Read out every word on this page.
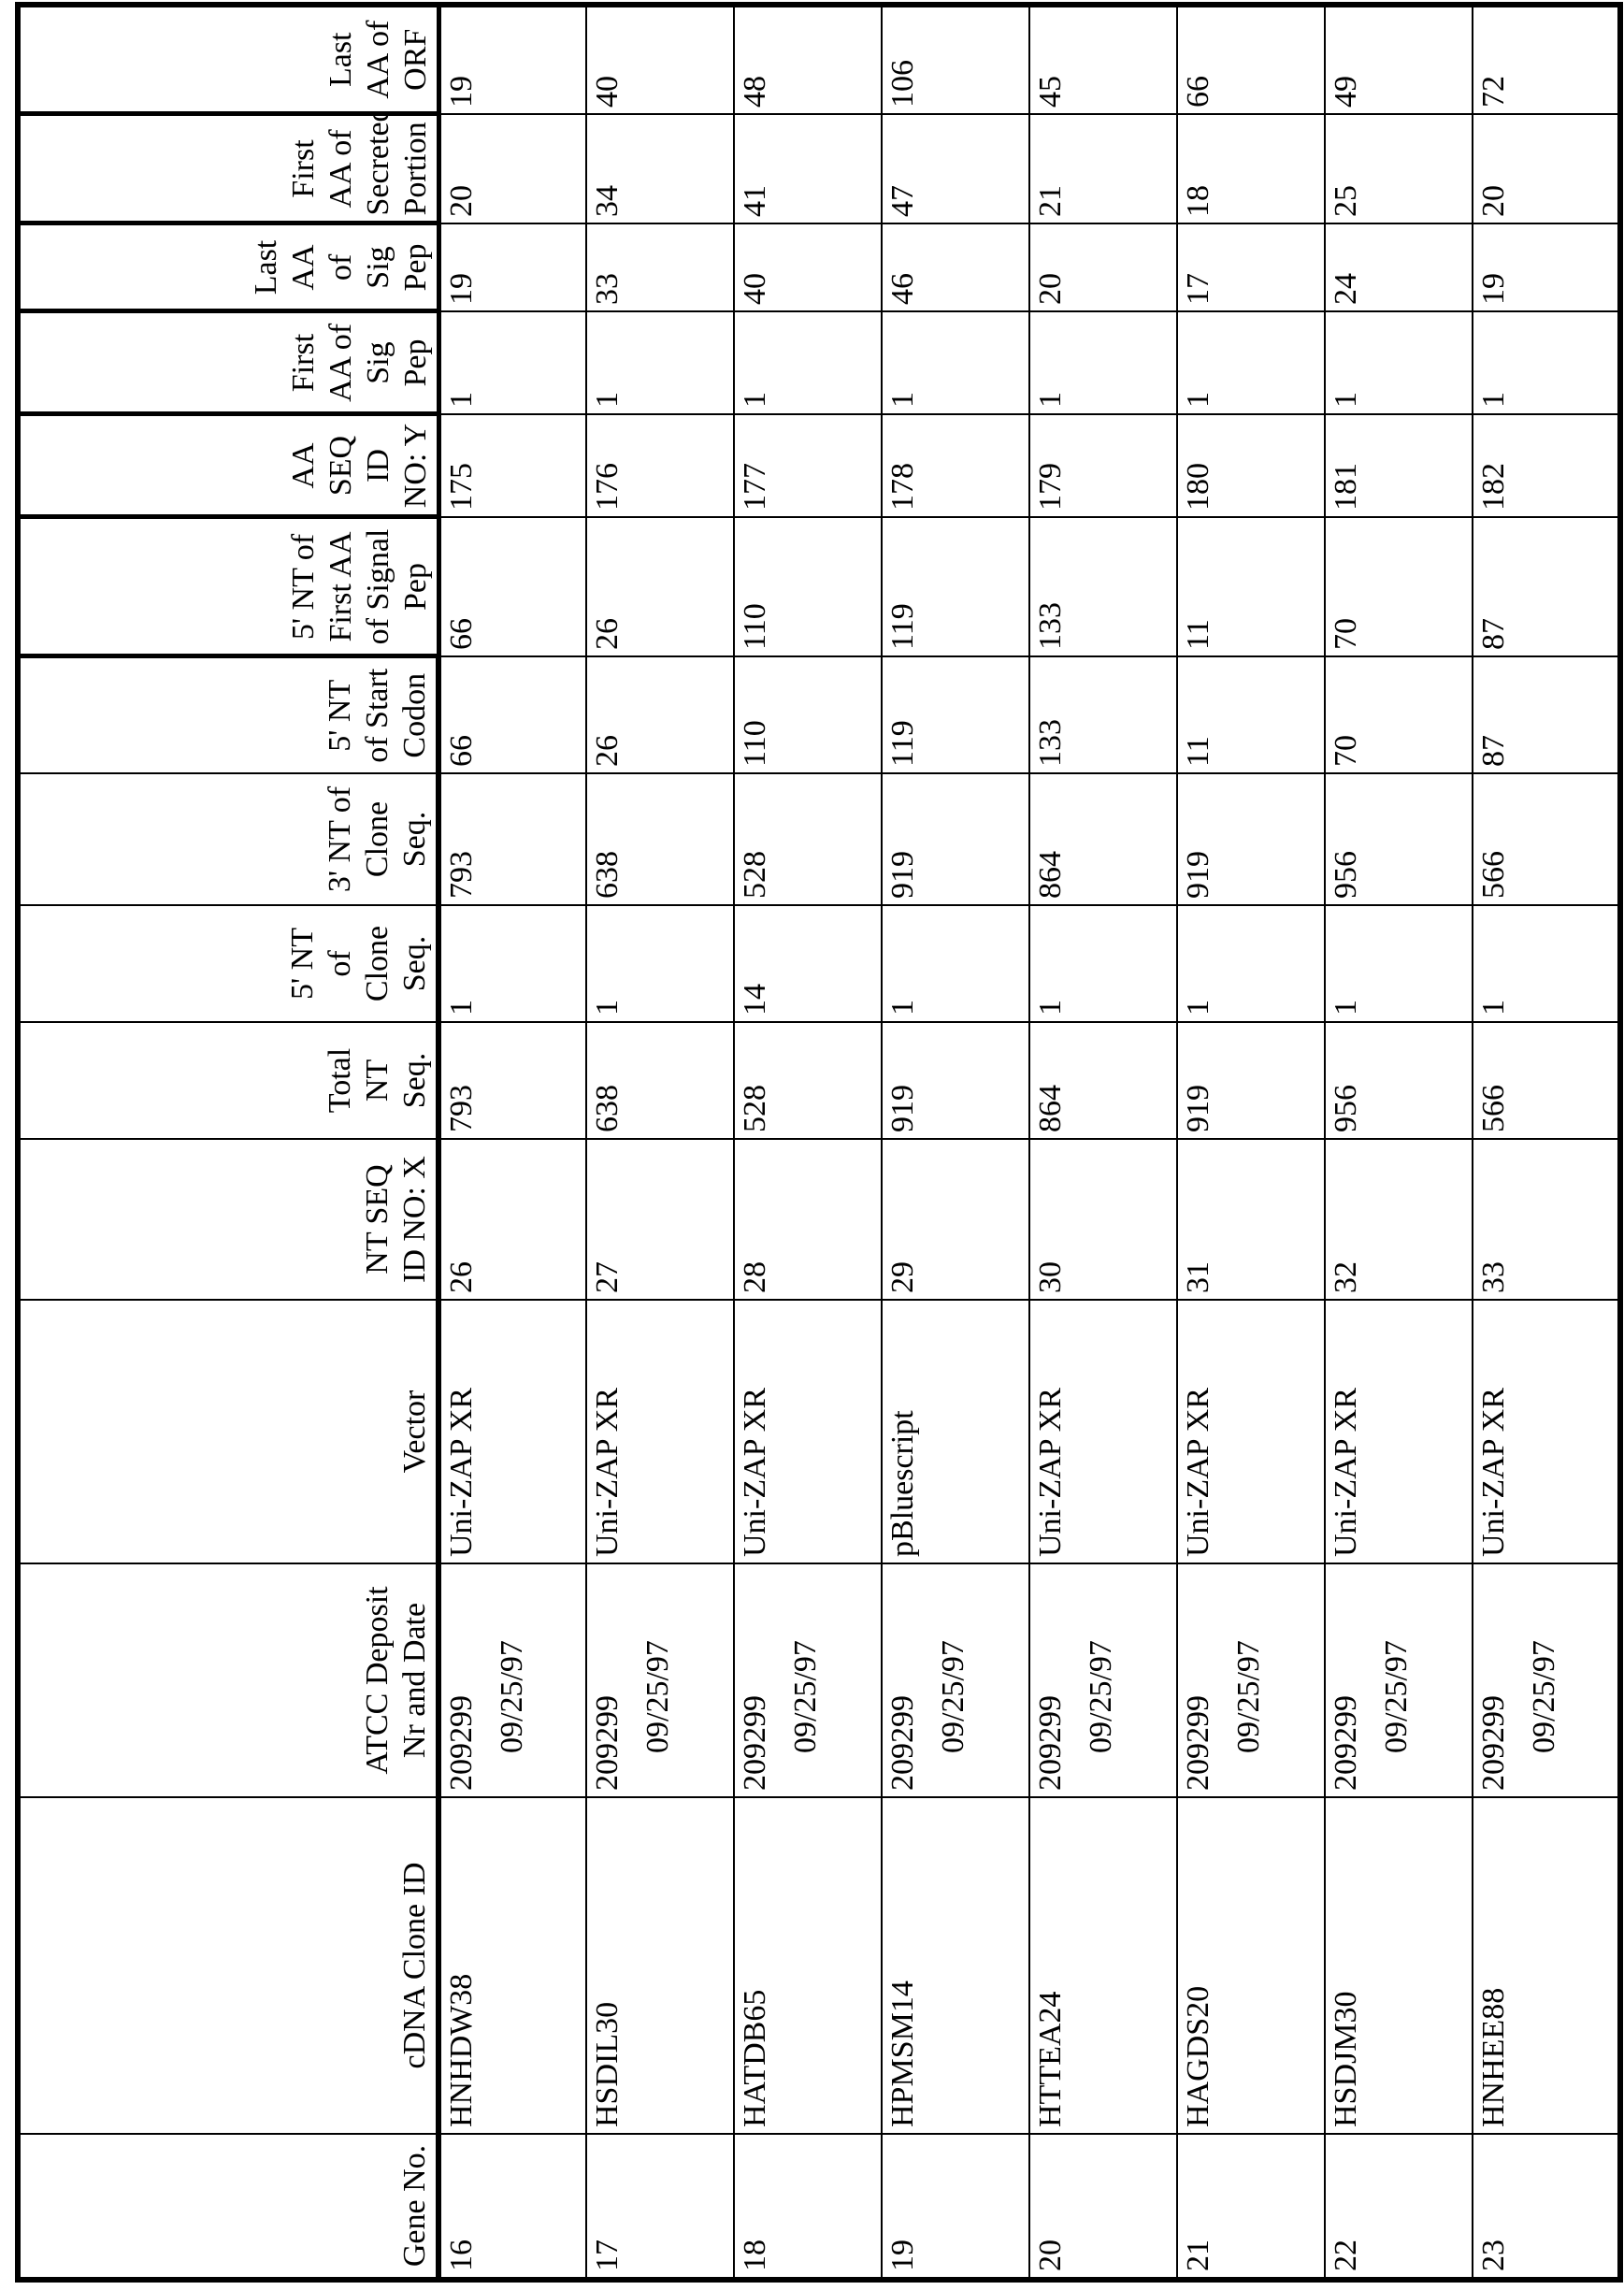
Gene No.	cDNA Clone ID	ATCC Deposit Nr and Date	Vector	NT SEQ ID NO: X	Total NT Seq.	5' NT of Clone Seq.	3' NT of Clone Seq.	5' NT of Start Codon	5' NT of First AA of Signal Pep	AA SEQ ID NO: Y	First AA of Sig Pep	Last AA of Sig Pep	First AA of Secreted Portion	Last AA of ORF
16	HNHDW38	209299 09/25/97
	Uni-ZAP XR	26	793	1	793	66	66	175	1	19	20	19
17	HSDIL30	209299 09/25/97
	Uni-ZAP XR	27	638	1	638	26	26	176	1	33	34	40
18	HATDB65	209299 09/25/97
	Uni-ZAP XR	28	528	14	528	110	110	177	1	40	41	48
19	HPMSM14	209299 09/25/97
	pBluescript	29	919	1	919	119	119	178	1	46	47	106
20	HTTEA24	209299 09/25/97
	Uni-ZAP XR	30	864	1	864	133	133	179	1	20	21	45
21	HAGDS20	209299 09/25/97
	Uni-ZAP XR	31	919	1	919	11	11	180	1	17	18	66
22	HSDJM30	209299 09/25/97
	Uni-ZAP XR	32	956	1	956	70	70	181	1	24	25	49
23	HNHEE88	209299 09/25/97
	Uni-ZAP XR	33	566	1	566	87	87	182	1	19	20	72
